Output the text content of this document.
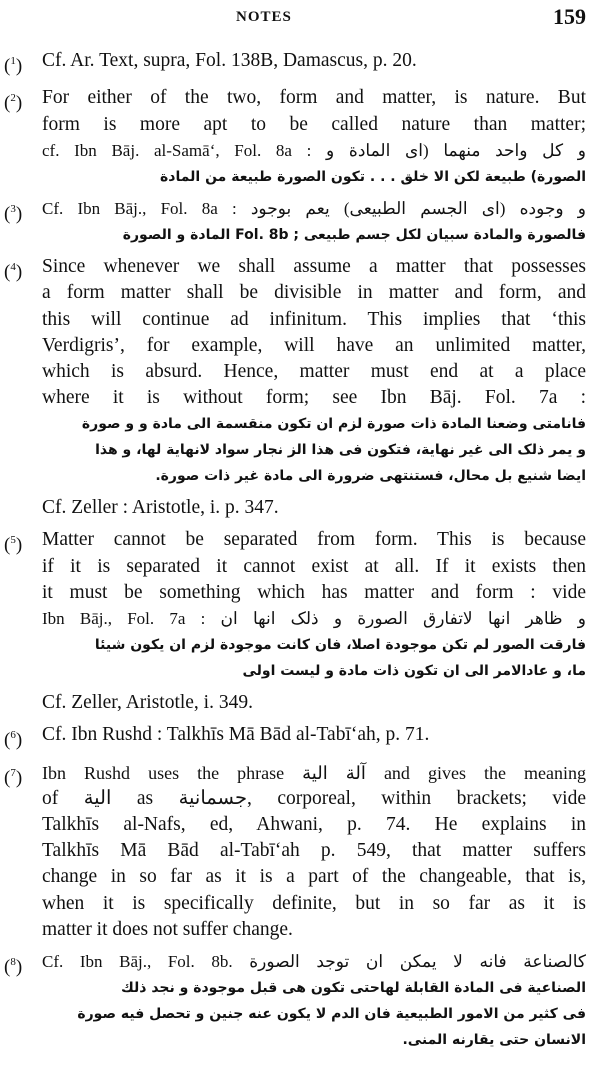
NOTES	159
($^1$)	Cf. Ar. Text, supra, Fol. 138B, Damascus, p. 20.
($^2$)	For either of the two, form and matter, is nature. But
form is more apt to be called nature than matter;
cf. Ibn Bāj. al-Samā‘, Fol. 8a : و كل واحد منهما (اى المادة و
الصورة) طبيعة لكن الا خلق . . . تكون الصورة طبيعة من المادة
($^3$)	Cf. Ibn Bāj., Fol. 8a : و وجوده (اى الجسم الطبيعى) يعم بوجود
فالصورة والمادة سبيان لكل جسم طبيعى ; Fol. 8b المادة و الصورة
($^4$)	Since whenever we shall assume a matter that possesses
a form matter shall be divisible in matter and form, and
this will continue ad infinitum. This implies that ‘this
Verdigris’, for example, will have an unlimited matter,
which is absurd. Hence, matter must end at a place
where it is without form; see Ibn Bāj. Fol. 7a :
فانامتى وضعنا المادة ذات صورة لزم ان تكون منقسمة الى مادة و و صورة
و يمر ذلک الى غير نهاية، فتكون فى هذا الز نجار سواد لانهاية لها، و هذا
ايضا شنيع بل محال، فستنتهى ضرورة الى مادة غير ذات صورة.
Cf. Zeller : Aristotle, i. p. 347.
($^5$)	Matter cannot be separated from form. This is because
if it is separated it cannot exist at all. If it exists then
it must be something which has matter and form : vide
Ibn Bāj., Fol. 7a : و ظاهر انها لاتفارق الصورة و ذلک انها ان
فارقت الصور لم تكن موجودة اصلا، فان كانت موجودة لزم ان يكون شيئا
ما، و عادالامر الى ان تكون ذات مادة و ليست اولى
Cf. Zeller, Aristotle, i. 349.
($^6$)	Cf. Ibn Rushd : Talkhīs Mā Bād al-Tabī‘ah, p. 71.
($^7$)	Ibn Rushd uses the phrase آلة الية and gives the meaning
of الية as جسمانية, corporeal, within brackets; vide
Talkhīs al-Nafs, ed, Ahwani, p. 74. He explains in
Talkhīs Mā Bād al-Tabī‘ah p. 549, that matter suffers
change in so far as it is a part of the changeable, that is,
when it is specifically definite, but in so far as it is
matter it does not suffer change.
($^8$)	Cf. Ibn Bāj., Fol. 8b. كالصناعة فانه لا يمكن ان توجد الصورة
الصناعية فى المادة القابلة لهاحتى تكون هى قبل موجودة و نجد ذلك
فى كثير من الامور الطبيعية فان الدم لا يكون عنه جنين و تحصل فيه صورة
الانسان حتى يقارنه المنى.
